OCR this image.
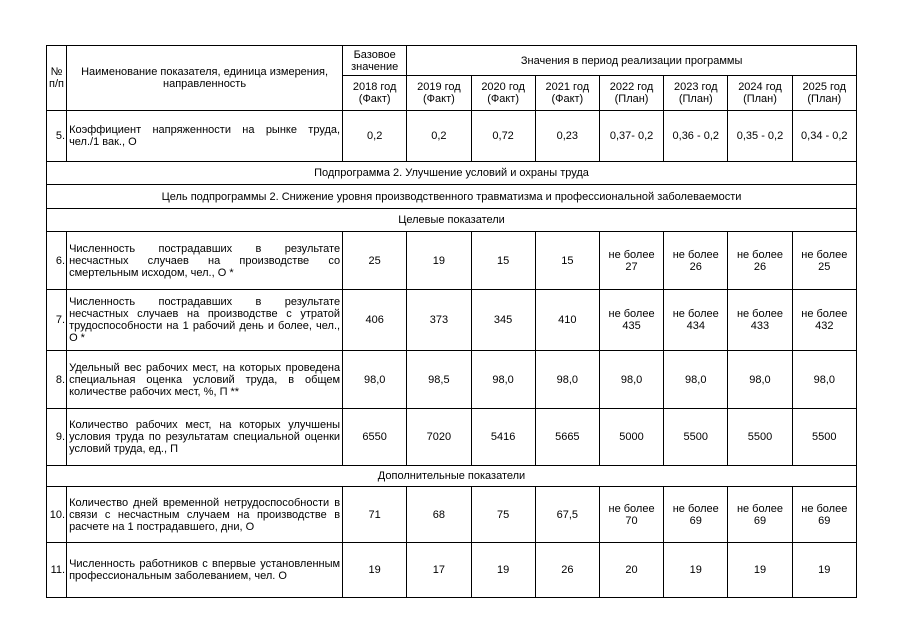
№ п/п	Наименование показателя, единица измерения, направленность	Базовое значение	Значения в период реализации программы						
		2018 год (Факт)	2019 год (Факт)	2020 год (Факт)	2021 год (Факт)	2022 год (План)	2023 год (План)	2024 год (План)	2025 год (План)
5.	Коэффициент напряженности на рынке труда, чел./1 вак., О	0,2	0,2	0,72	0,23	0,37- 0,2	0,36 - 0,2	0,35 - 0,2	0,34 - 0,2
Подпрограмма 2. Улучшение условий и охраны труда									
Цель подпрограммы 2. Снижение уровня производственного травматизма и профессиональной заболеваемости									
Целевые показатели									
6.	Численность пострадавших в результате несчастных случаев на производстве со смертельным исходом, чел., О *	25	19	15	15	не более 27	не более 26	не более 26	не более 25
7.	Численность пострадавших в результате несчастных случаев на производстве с утратой трудоспособности на 1 рабочий день и более, чел., О *	406	373	345	410	не более 435	не более 434	не более 433	не более 432
8.	Удельный вес рабочих мест, на которых проведена специальная оценка условий труда, в общем количестве рабочих мест, %, П **	98,0	98,5	98,0	98,0	98,0	98,0	98,0	98,0
9.	Количество рабочих мест, на которых улучшены условия труда по результатам специальной оценки условий труда, ед., П	6550	7020	5416	5665	5000	5500	5500	5500
Дополнительные показатели									
10.	Количество дней временной нетрудоспособности в связи с несчастным случаем на производстве в расчете на 1 пострадавшего, дни, О	71	68	75	67,5	не более 70	не более 69	не более 69	не более 69
11.	Численность работников с впервые установленным профессиональным заболеванием, чел. О	19	17	19	26	20	19	19	19
